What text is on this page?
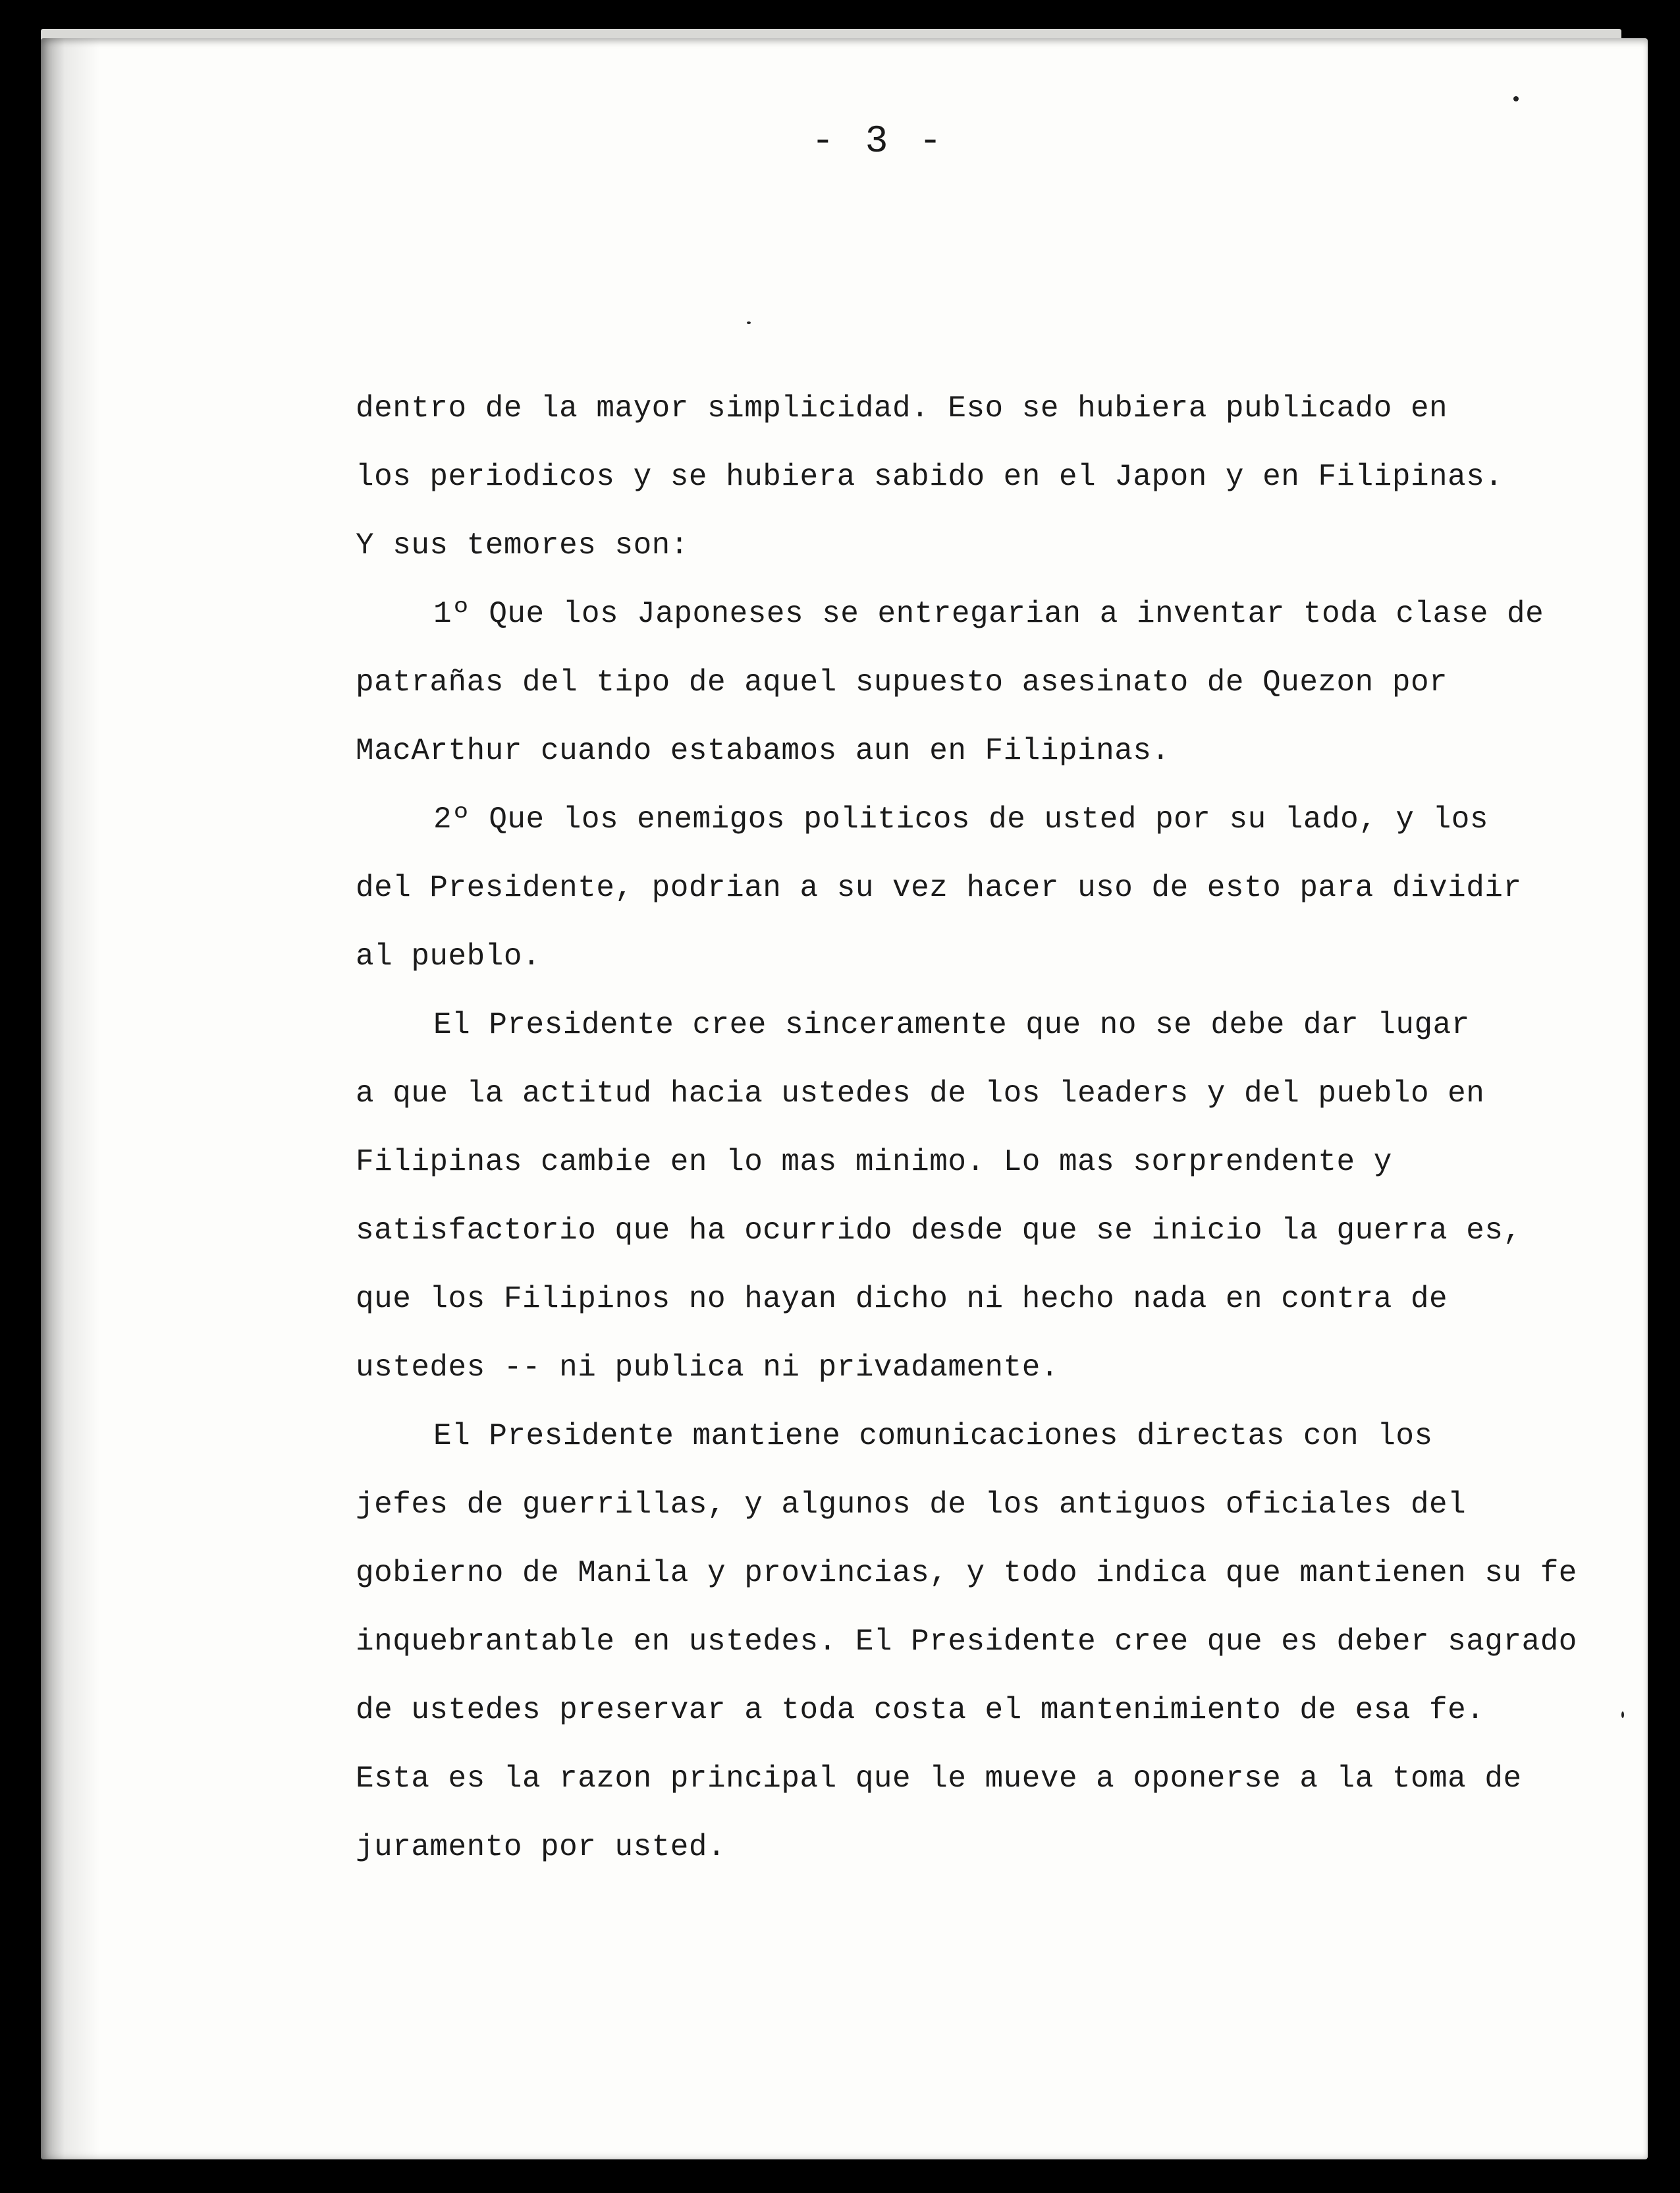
- 3 -
dentro de la mayor simplicidad. Eso se hubiera publicado en
los periodicos y se hubiera sabido en el Japon y en Filipinas.
Y sus temores son:
1º Que los Japoneses se entregarian a inventar toda clase de
patrañas del tipo de aquel supuesto asesinato de Quezon por
MacArthur cuando estabamos aun en Filipinas.
2º Que los enemigos politicos de usted por su lado, y los
del Presidente, podrian a su vez hacer uso de esto para dividir
al pueblo.
El Presidente cree sinceramente que no se debe dar lugar
a que la actitud hacia ustedes de los leaders y del pueblo en
Filipinas cambie en lo mas minimo. Lo mas sorprendente y
satisfactorio que ha ocurrido desde que se inicio la guerra es,
que los Filipinos no hayan dicho ni hecho nada en contra de
ustedes -- ni publica ni privadamente.
El Presidente mantiene comunicaciones directas con los
jefes de guerrillas, y algunos de los antiguos oficiales del
gobierno de Manila y provincias, y todo indica que mantienen su fe
inquebrantable en ustedes. El Presidente cree que es deber sagrado
de ustedes preservar a toda costa el mantenimiento de esa fe.
Esta es la razon principal que le mueve a oponerse a la toma de
juramento por usted.
